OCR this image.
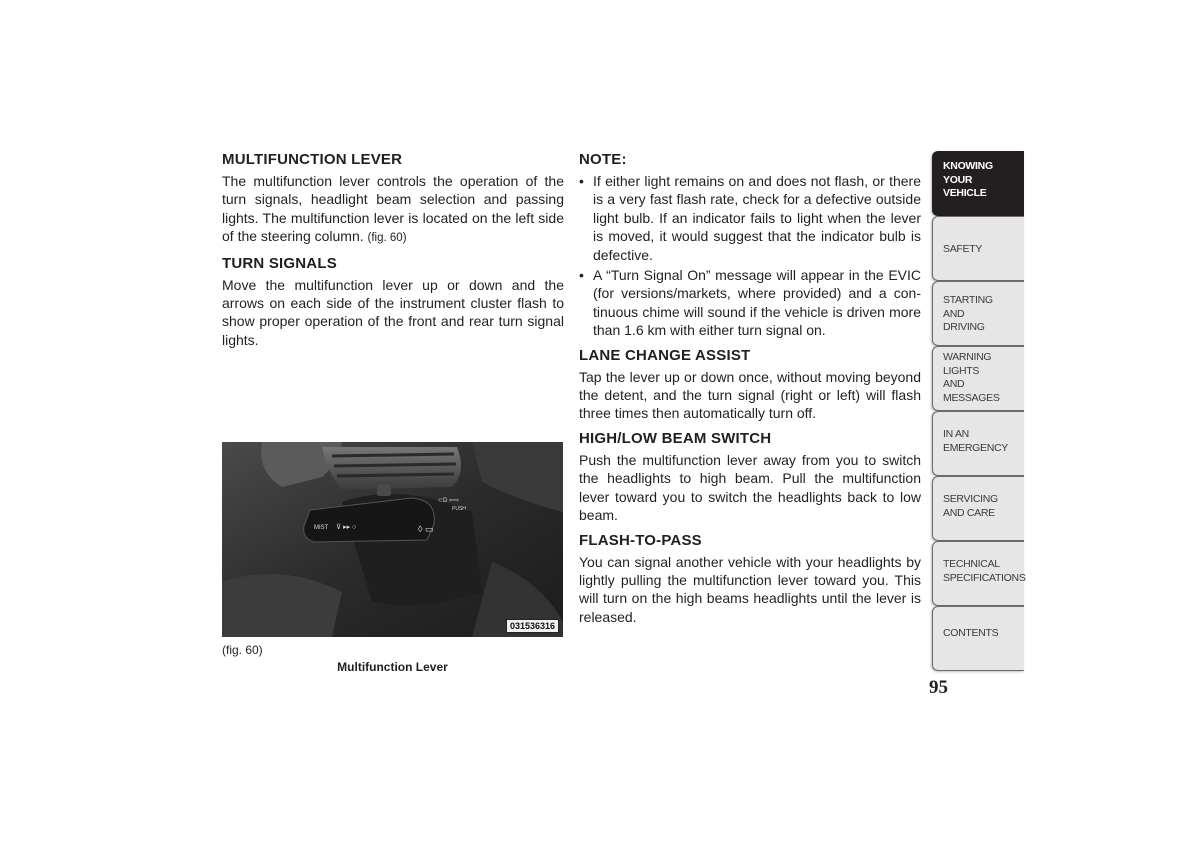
MULTIFUNCTION LEVER

The multifunction lever controls the operation of the turn signals, headlight beam selection and passing lights. The multifunction lever is located on the left side of the steering column. (fig. 60)

TURN SIGNALS

Move the multifunction lever up or down and the arrows on each side of the instrument cluster flash to show proper operation of the front and rear turn signal lights.

MIST ⊽ ▸▸ ○
⊂D ⇦⇨
PUSH
◊ ▭
031536316
(fig. 60)
Multifunction Lever
NOTE:
• If either light remains on and does not flash, or there is a very fast flash rate, check for a defective outside light bulb. If an indicator fails to light when the lever is moved, it would suggest that the indicator bulb is defective.
• A “Turn Signal On” message will appear in the EVIC (for versions/markets, where provided) and a con-tinuous chime will sound if the vehicle is driven more than 1.6 km with either turn signal on.
LANE CHANGE ASSIST

Tap the lever up or down once, without moving beyond the detent, and the turn signal (right or left) will flash three times then automatically turn off.

HIGH/LOW BEAM SWITCH

Push the multifunction lever away from you to switch the headlights to high beam. Pull the multifunction lever toward you to switch the headlights back to low beam.

FLASH-TO-PASS

You can signal another vehicle with your headlights by lightly pulling the multifunction lever toward you. This will turn on the high beams headlights until the lever is released.

KNOWING
YOUR
VEHICLE
SAFETY
STARTING
AND
DRIVING
WARNING
LIGHTS
AND
MESSAGES
IN AN
EMERGENCY
SERVICING
AND CARE
TECHNICAL
SPECIFICATIONS
CONTENTS
95
